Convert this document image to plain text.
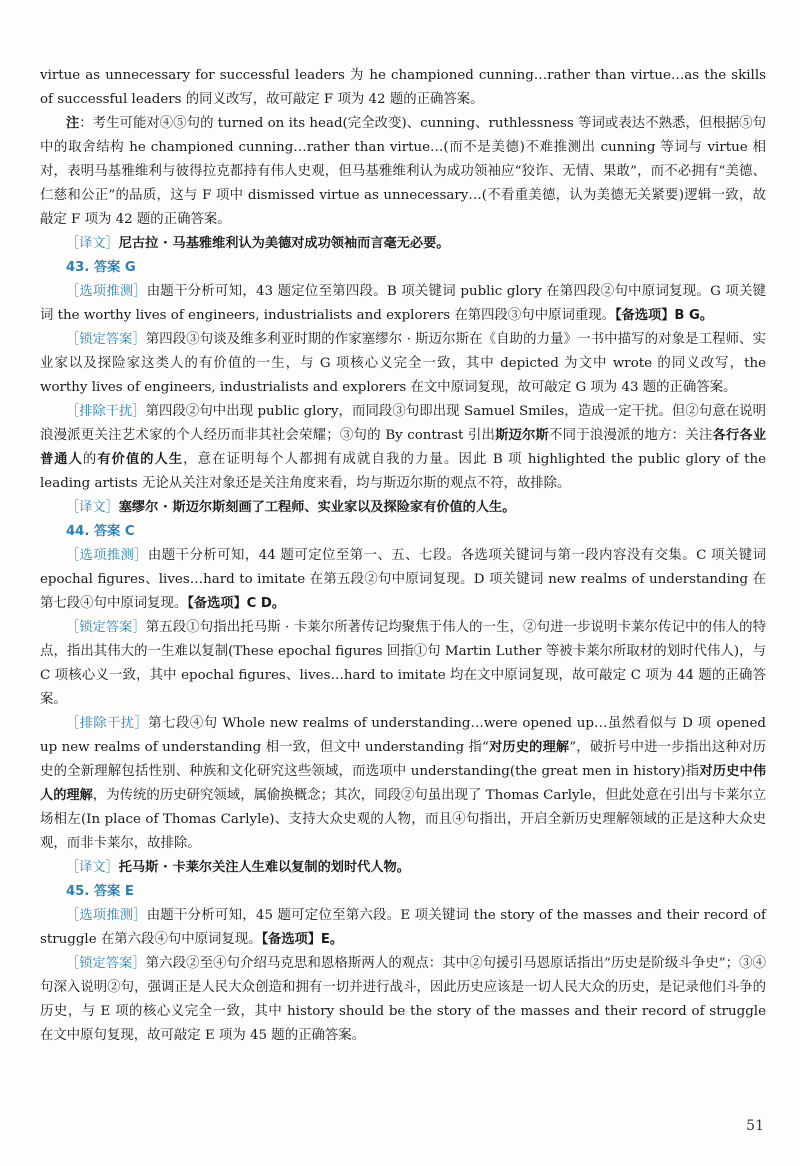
virtue as unnecessary for successful leaders 为 he championed cunning…rather than virtue…as the skills of successful leaders 的同义改写，故可敲定 F 项为 42 题的正确答案。

注：考生可能对④⑤句的 turned on its head(完全改变)、cunning、ruthlessness 等词或表达不熟悉，但根据⑤句中的取舍结构 he championed cunning…rather than virtue…(而不是美德)不难推测出 cunning 等词与 virtue 相对，表明马基雅维利与彼得拉克都持有伟人史观，但马基雅维利认为成功领袖应“狡诈、无情、果敢”，而不必拥有“美德、仁慈和公正”的品质，这与 F 项中 dismissed virtue as unnecessary…(不看重美德，认为美德无关紧要)逻辑一致，故敲定 F 项为 42 题的正确答案。

［译文］尼古拉 · 马基雅维利认为美德对成功领袖而言毫无必要。

43. 答案 G

［选项推测］由题干分析可知，43 题定位至第四段。B 项关键词 public glory 在第四段②句中原词复现。G 项关键词 the worthy lives of engineers, industrialists and explorers 在第四段③句中原词重现。【备选项】B G。

［锁定答案］第四段③句谈及维多利亚时期的作家塞缪尔 · 斯迈尔斯在《自助的力量》一书中描写的对象是工程师、实业家以及探险家这类人的有价值的一生，与 G 项核心义完全一致，其中 depicted 为文中 wrote 的同义改写，the worthy lives of engineers, industrialists and explorers 在文中原词复现，故可敲定 G 项为 43 题的正确答案。

［排除干扰］第四段②句中出现 public glory，而同段③句即出现 Samuel Smiles，造成一定干扰。但②句意在说明浪漫派更关注艺术家的个人经历而非其社会荣耀；③句的 By contrast 引出斯迈尔斯不同于浪漫派的地方：关注各行各业普通人的有价值的人生，意在证明每个人都拥有成就自我的力量。因此 B 项 highlighted the public glory of the leading artists 无论从关注对象还是关注角度来看，均与斯迈尔斯的观点不符，故排除。

［译文］塞缪尔 · 斯迈尔斯刻画了工程师、实业家以及探险家有价值的人生。

44. 答案 C

［选项推测］由题干分析可知，44 题可定位至第一、五、七段。各选项关键词与第一段内容没有交集。C 项关键词 epochal figures、lives…hard to imitate 在第五段②句中原词复现。D 项关键词 new realms of understanding 在第七段④句中原词复现。【备选项】C D。

［锁定答案］第五段①句指出托马斯 · 卡莱尔所著传记均聚焦于伟人的一生，②句进一步说明卡莱尔传记中的伟人的特点，指出其伟大的一生难以复制(These epochal figures 回指①句 Martin Luther 等被卡莱尔所取材的划时代伟人)，与 C 项核心义一致，其中 epochal figures、lives…hard to imitate 均在文中原词复现，故可敲定 C 项为 44 题的正确答案。

［排除干扰］第七段④句 Whole new realms of understanding…were opened up…虽然看似与 D 项 opened up new realms of understanding 相一致，但文中 understanding 指“对历史的理解”，破折号中进一步指出这种对历史的全新理解包括性别、种族和文化研究这些领域，而选项中 understanding(the great men in history)指对历史中伟人的理解，为传统的历史研究领域，属偷换概念；其次，同段②句虽出现了 Thomas Carlyle，但此处意在引出与卡莱尔立场相左(In place of Thomas Carlyle)、支持大众史观的人物，而且④句指出，开启全新历史理解领域的正是这种大众史观，而非卡莱尔，故排除。

［译文］托马斯 · 卡莱尔关注人生难以复制的划时代人物。

45. 答案 E

［选项推测］由题干分析可知，45 题可定位至第六段。E 项关键词 the story of the masses and their record of struggle 在第六段④句中原词复现。【备选项】E。

［锁定答案］第六段②至④句介绍马克思和恩格斯两人的观点：其中②句援引马恩原话指出“历史是阶级斗争史”；③④句深入说明②句，强调正是人民大众创造和拥有一切并进行战斗，因此历史应该是一切人民大众的历史，是记录他们斗争的历史，与 E 项的核心义完全一致，其中 history should be the story of the masses and their record of struggle 在文中原句复现，故可敲定 E 项为 45 题的正确答案。

51
